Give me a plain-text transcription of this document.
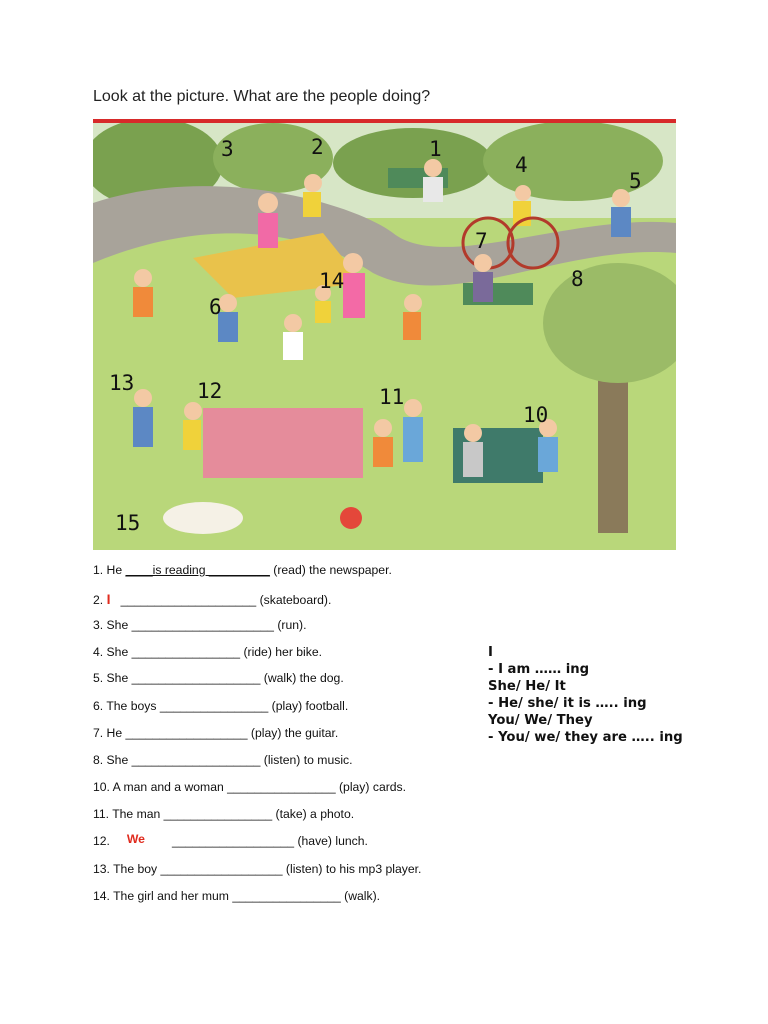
Look at the picture. What are the people doing?
3	2	1
4
5
7
8
14
6
13	12	11
10
15
1. He ____is reading _________ (read) the newspaper.
2. I ____________________ (skateboard).
3. She _____________________ (run).
4. She ________________ (ride) her bike.
5. She ___________________ (walk) the dog.
6. The boys ________________ (play) football.
7. He __________________ (play) the guitar.
8. She ___________________ (listen) to music.
10. A man and a woman ________________ (play) cards.
11. The man ________________ (take) a photo.
12. We __________________ (have) lunch.
13. The boy __________________ (listen) to his mp3 player.
14. The girl and her mum ________________ (walk).
I
- I am …… ing
She/ He/ It
- He/ she/ it is ….. ing
You/ We/ They
- You/ we/ they are ….. ing
